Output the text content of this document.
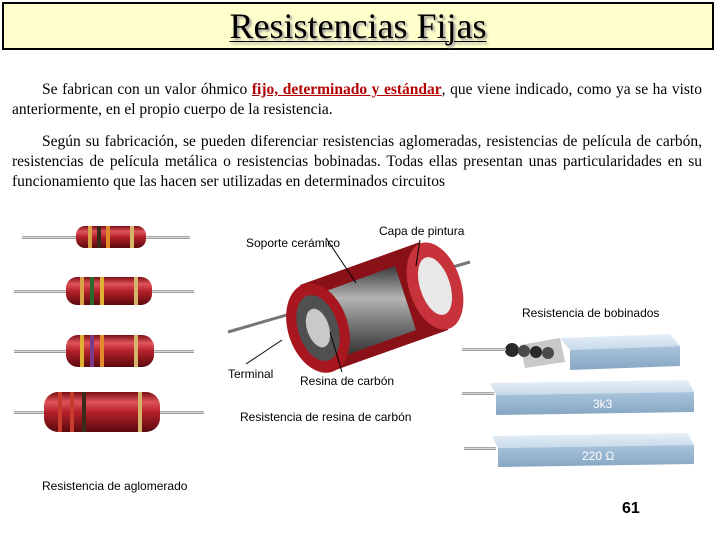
Resistencias Fijas

Se fabrican con un valor óhmico fijo, determinado y estándar, que viene indicado, como ya se ha visto anteriormente, en el propio cuerpo de la resistencia.

Según su fabricación, se pueden diferenciar resistencias aglomeradas, resistencias de película de carbón, resistencias de película metálica o resistencias bobinadas. Todas ellas presentan unas particularidades en su funcionamiento que las hacen ser utilizadas en determinados circuitos

3k3
220 Ω
Soporte cerámico
Capa de pintura
Resistencia de bobinados
Terminal Resina de carbón
Resistencia de resina de carbón
Resistencia de aglomerado
61
